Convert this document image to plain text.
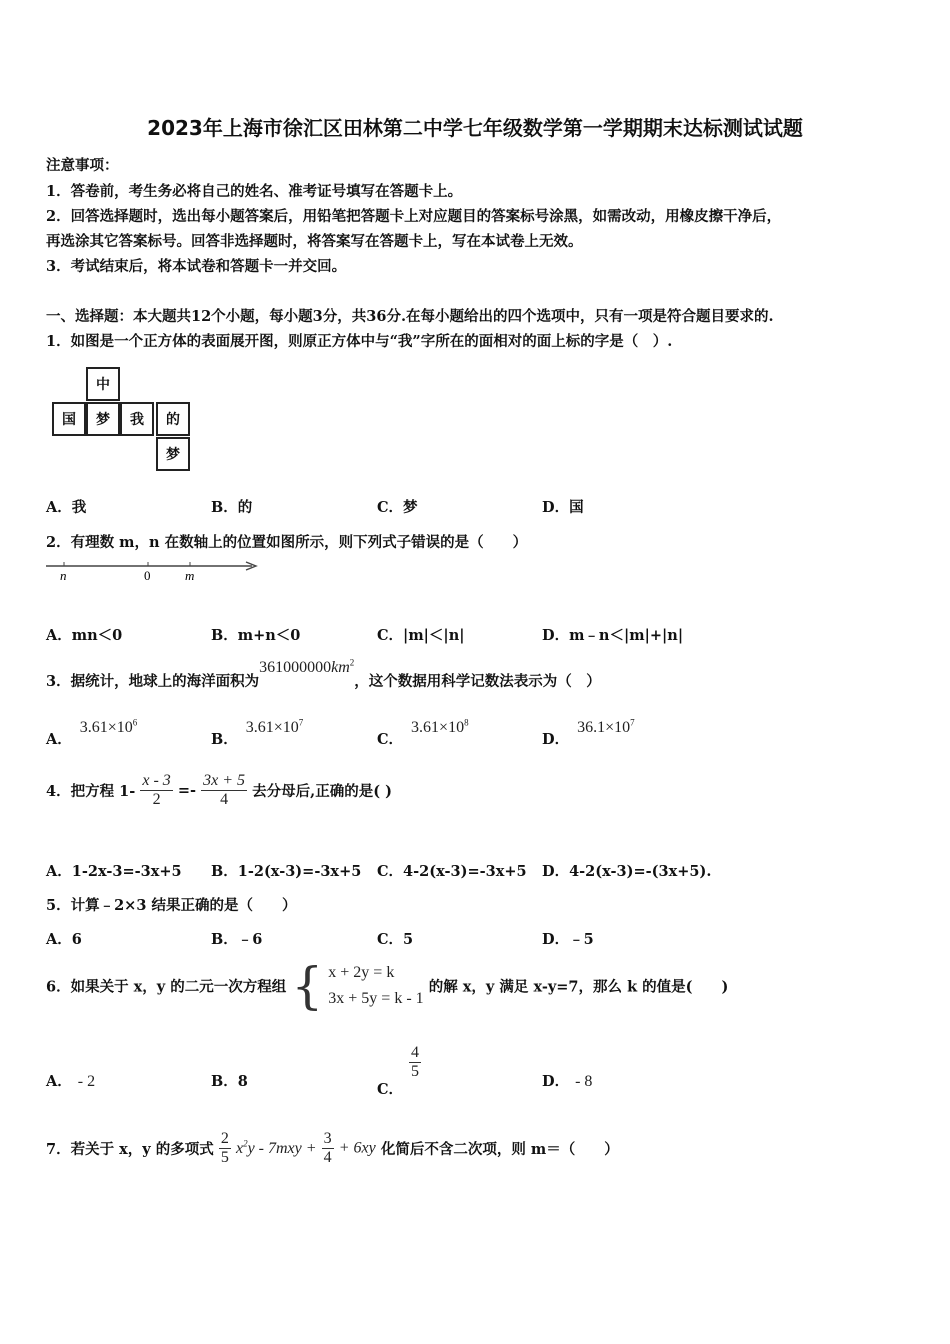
2023年上海市徐汇区田林第二中学七年级数学第一学期期末达标测试试题
注意事项：
1．答卷前，考生务必将自己的姓名、准考证号填写在答题卡上。
2．回答选择题时，选出每小题答案后，用铅笔把答题卡上对应题目的答案标号涂黑，如需改动，用橡皮擦干净后，
再选涂其它答案标号。回答非选择题时，将答案写在答题卡上，写在本试卷上无效。
3．考试结束后，将本试卷和答题卡一并交回。
一、选择题：本大题共12个小题，每小题3分，共36分.在每小题给出的四个选项中，只有一项是符合题目要求的.
1．如图是一个正方体的表面展开图，则原正方体中与“我”字所在的面相对的面上标的字是（　）.
中
国	梦	我	的
梦
A．我	B．的	C．梦	D．国
2．有理数 m，n 在数轴上的位置如图所示，则下列式子错误的是（　　）
n	0	m
A．mn＜0	B．m+n＜0	C．|m|＜|n|	D．m﹣n＜|m|+|n|
3．据统计，地球上的海洋面积为$361000000km^2$，这个数据用科学记数法表示为（　）
A．$3.61\times 10^6$
B．$3.61\times 10^7$
C．$3.61\times 10^8$
D．$36.1\times 10^7$
4．把方程 $1- \frac{x - 3}{2} =- \frac{3x + 5}{4}$ 去分母后,正确的是( )
A．1-2x-3=-3x+5 B．1-2(x-3)=-3x+5 C．4-2(x-3)=-3x+5 D．4-2(x-3)=-(3x+5).
5．计算﹣2×3 结果正确的是（　　）
A．6	B．﹣6	C．5	D．﹣5
6．如果关于 x，y 的二元一次方程组 { x + 2y = k
3x + 5y = k - 1
的解 x，y 满足 x-y=7，那么 k 的值是(　　)
A． - 2	B．8	C．
$\frac{4}{5}$
D． - 8
7．若关于 x，y 的多项式 $\frac{2}{5} x^2y - 7mxy + \frac{3}{4} + 6xy$ 化简后不含二次项，则 m＝（　　）
